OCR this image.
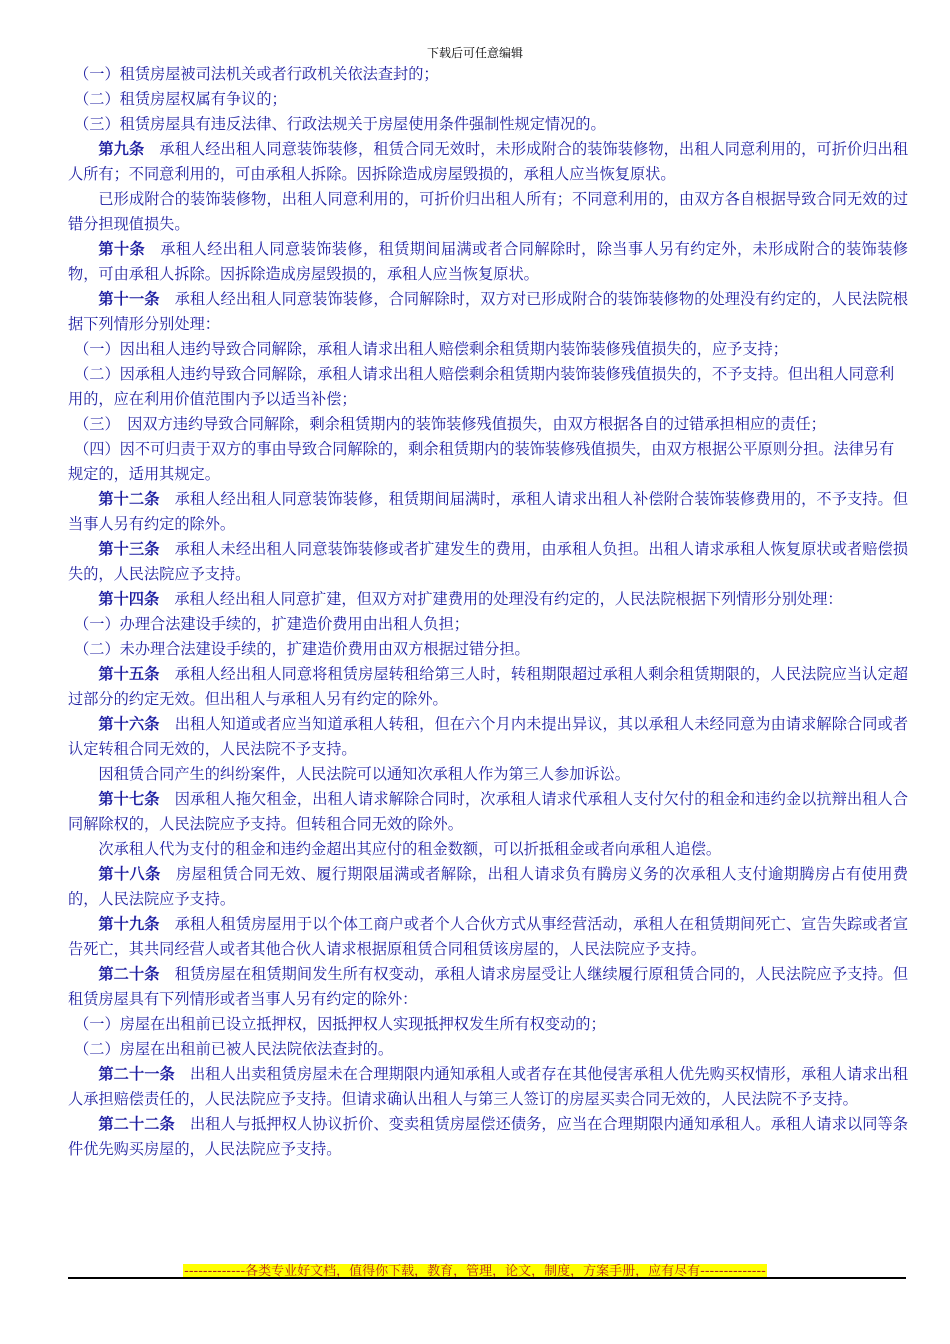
下载后可任意编辑

（一）租赁房屋被司法机关或者行政机关依法查封的；

（二）租赁房屋权属有争议的；

（三）租赁房屋具有违反法律、行政法规关于房屋使用条件强制性规定情况的。

第九条 承租人经出租人同意装饰装修，租赁合同无效时，未形成附合的装饰装修物，出租人同意利用的，可折价归出租人所有；不同意利用的，可由承租人拆除。因拆除造成房屋毁损的，承租人应当恢复原状。

已形成附合的装饰装修物，出租人同意利用的，可折价归出租人所有；不同意利用的，由双方各自根据导致合同无效的过错分担现值损失。

第十条 承租人经出租人同意装饰装修，租赁期间届满或者合同解除时，除当事人另有约定外，未形成附合的装饰装修物，可由承租人拆除。因拆除造成房屋毁损的，承租人应当恢复原状。

第十一条 承租人经出租人同意装饰装修，合同解除时，双方对已形成附合的装饰装修物的处理没有约定的，人民法院根据下列情形分别处理：

（一）因出租人违约导致合同解除，承租人请求出租人赔偿剩余租赁期内装饰装修残值损失的，应予支持；

（二）因承租人违约导致合同解除，承租人请求出租人赔偿剩余租赁期内装饰装修残值损失的，不予支持。但出租人同意利用的，应在利用价值范围内予以适当补偿；

（三）　因双方违约导致合同解除，剩余租赁期内的装饰装修残值损失，由双方根据各自的过错承担相应的责任；

（四）因不可归责于双方的事由导致合同解除的，剩余租赁期内的装饰装修残值损失，由双方根据公平原则分担。法律另有规定的，适用其规定。

第十二条 承租人经出租人同意装饰装修，租赁期间届满时，承租人请求出租人补偿附合装饰装修费用的，不予支持。但当事人另有约定的除外。

第十三条 承租人未经出租人同意装饰装修或者扩建发生的费用，由承租人负担。出租人请求承租人恢复原状或者赔偿损失的，人民法院应予支持。

第十四条 承租人经出租人同意扩建，但双方对扩建费用的处理没有约定的，人民法院根据下列情形分别处理：

（一）办理合法建设手续的，扩建造价费用由出租人负担；

（二）未办理合法建设手续的，扩建造价费用由双方根据过错分担。

第十五条 承租人经出租人同意将租赁房屋转租给第三人时，转租期限超过承租人剩余租赁期限的，人民法院应当认定超过部分的约定无效。但出租人与承租人另有约定的除外。

第十六条 出租人知道或者应当知道承租人转租，但在六个月内未提出异议，其以承租人未经同意为由请求解除合同或者认定转租合同无效的，人民法院不予支持。

因租赁合同产生的纠纷案件，人民法院可以通知次承租人作为第三人参加诉讼。

第十七条 因承租人拖欠租金，出租人请求解除合同时，次承租人请求代承租人支付欠付的租金和违约金以抗辩出租人合同解除权的，人民法院应予支持。但转租合同无效的除外。

次承租人代为支付的租金和违约金超出其应付的租金数额，可以折抵租金或者向承租人追偿。

第十八条 房屋租赁合同无效、履行期限届满或者解除，出租人请求负有腾房义务的次承租人支付逾期腾房占有使用费的，人民法院应予支持。

第十九条 承租人租赁房屋用于以个体工商户或者个人合伙方式从事经营活动，承租人在租赁期间死亡、宣告失踪或者宣告死亡，其共同经营人或者其他合伙人请求根据原租赁合同租赁该房屋的，人民法院应予支持。

第二十条 租赁房屋在租赁期间发生所有权变动，承租人请求房屋受让人继续履行原租赁合同的，人民法院应予支持。但租赁房屋具有下列情形或者当事人另有约定的除外：

（一）房屋在出租前已设立抵押权，因抵押权人实现抵押权发生所有权变动的；

（二）房屋在出租前已被人民法院依法查封的。

第二十一条 出租人出卖租赁房屋未在合理期限内通知承租人或者存在其他侵害承租人优先购买权情形，承租人请求出租人承担赔偿责任的，人民法院应予支持。但请求确认出租人与第三人签订的房屋买卖合同无效的，人民法院不予支持。

第二十二条 出租人与抵押权人协议折价、变卖租赁房屋偿还债务，应当在合理期限内通知承租人。承租人请求以同等条件优先购买房屋的，人民法院应予支持。

-------------各类专业好文档，值得你下载，教育，管理，论文，制度，方案手册，应有尽有--------------
